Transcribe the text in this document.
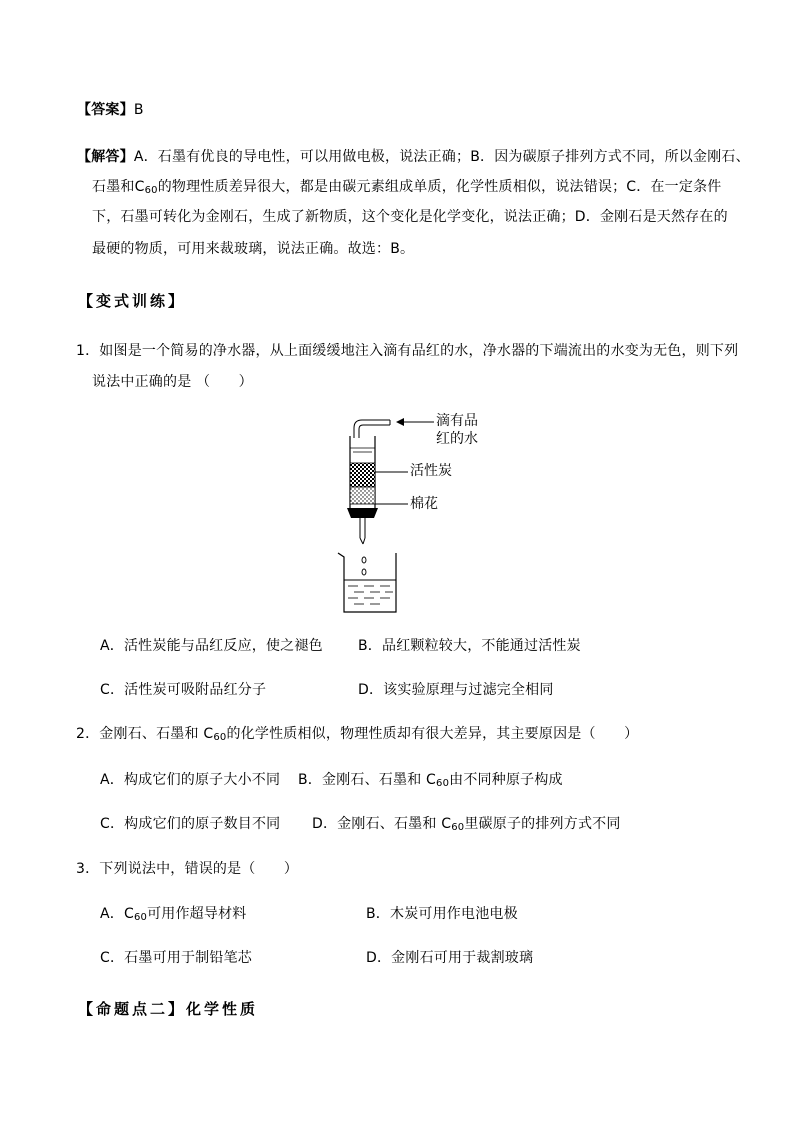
【答案】B
【解答】A．石墨有优良的导电性，可以用做电极，说法正确；B．因为碳原子排列方式不同，所以金刚石、
石墨和$C_{60}$的物理性质差异很大，都是由碳元素组成单质，化学性质相似，说法错误；C．在一定条件
下，石墨可转化为金刚石，生成了新物质，这个变化是化学变化，说法正确；D．金刚石是天然存在的
最硬的物质，可用来裁玻璃，说法正确。故选：B。
【变式训练】
1．如图是一个简易的净水器，从上面缓缓地注入滴有品红的水，净水器的下端流出的水变为无色，则下列
说法中正确的是 （　　）
滴有品
红的水
活性炭
棉花
A．活性炭能与品红反应，使之褪色	B．品红颗粒较大，不能通过活性炭
C．活性炭可吸附品红分子	D．该实验原理与过滤完全相同
2．金刚石、石墨和 $C_{60}$的化学性质相似，物理性质却有很大差异，其主要原因是（　　）
A．构成它们的原子大小不同 B．金刚石、石墨和 $C_{60}$由不同种原子构成
C．构成它们的原子数目不同 D．金刚石、石墨和 $C_{60}$里碳原子的排列方式不同
3．下列说法中，错误的是（　　）
A．$C_{60}$可用作超导材料	B．木炭可用作电池电极
C．石墨可用于制铅笔芯	D．金刚石可用于裁割玻璃
【命题点二】化学性质
